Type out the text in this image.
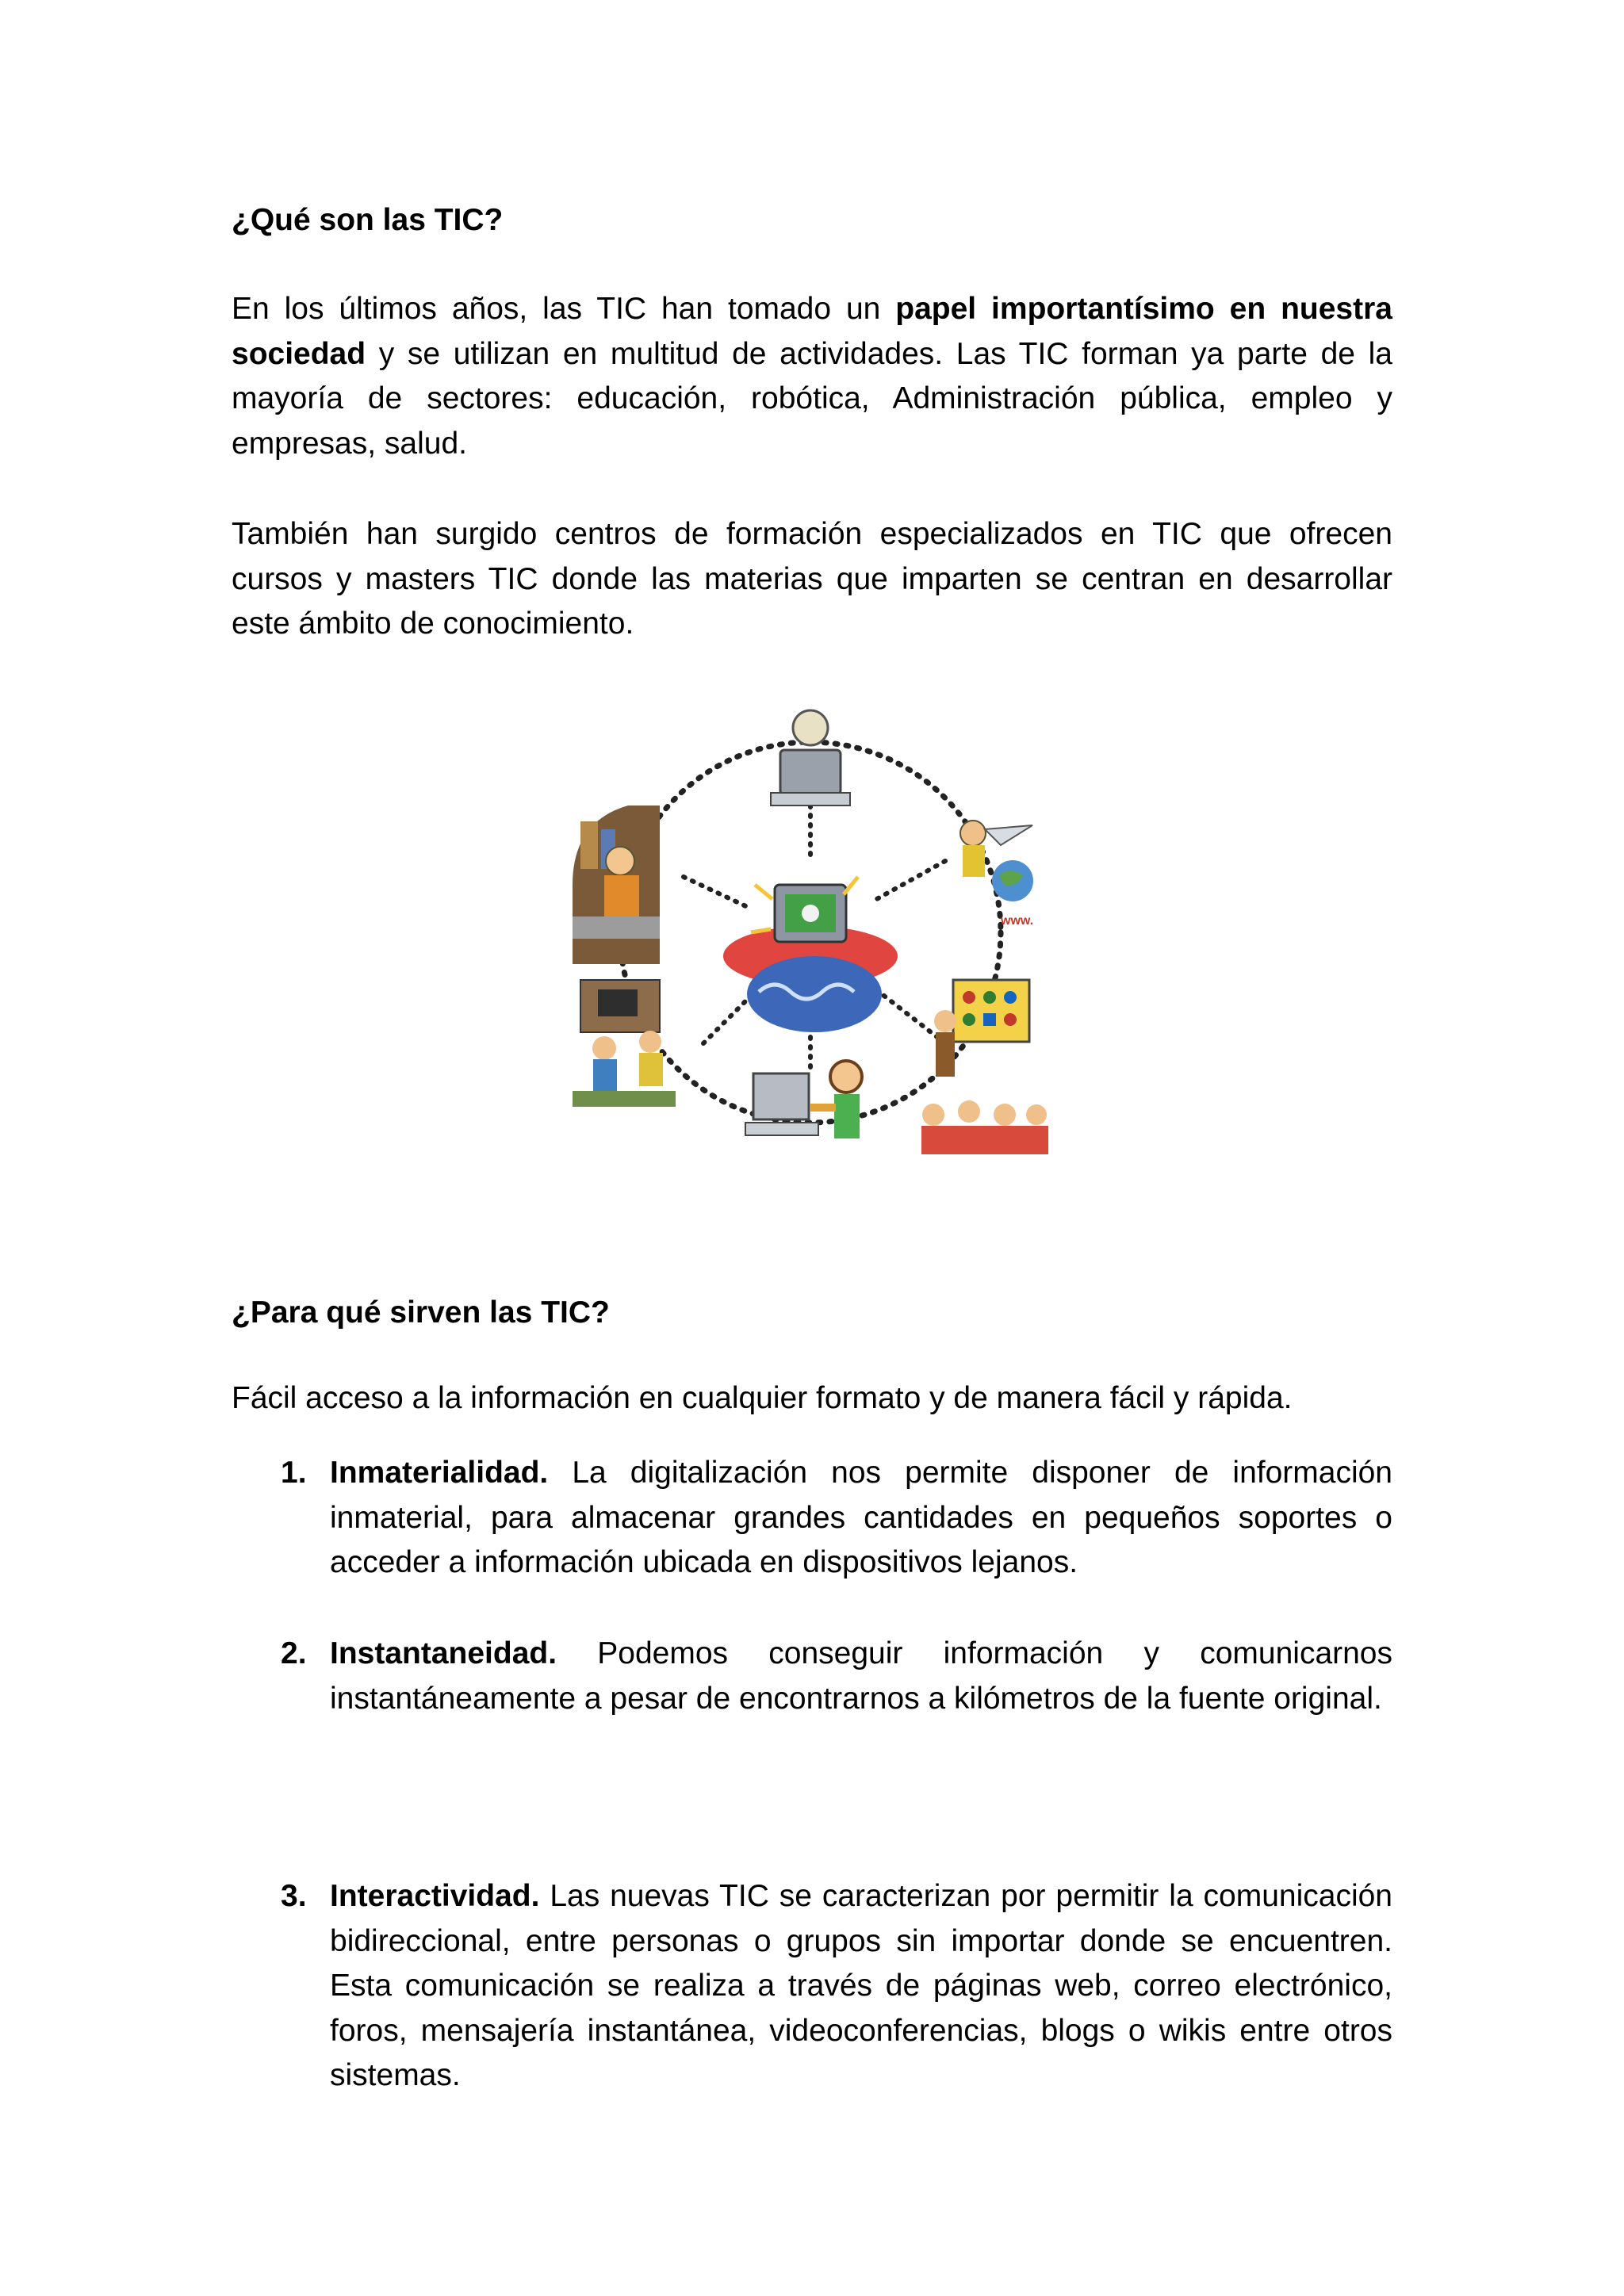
¿Qué son las TIC?
En los últimos años, las TIC han tomado un papel importantísimo en nuestra sociedad y se utilizan en multitud de actividades. Las TIC forman ya parte de la mayoría de sectores: educación, robótica, Administración pública, empleo y empresas, salud.
También han surgido centros de formación especializados en TIC que ofrecen cursos y masters TIC donde las materias que imparten se centran en desarrollar este ámbito de conocimiento.
www.
¿Para qué sirven las TIC?
Fácil acceso a la información en cualquier formato y de manera fácil y rápida.
1. Inmaterialidad. La digitalización nos permite disponer de información inmaterial, para almacenar grandes cantidades en pequeños soportes o acceder a información ubicada en dispositivos lejanos.
2. Instantaneidad. Podemos conseguir información y comunicarnos instantáneamente a pesar de encontrarnos a kilómetros de la fuente original.
3. Interactividad. Las nuevas TIC se caracterizan por permitir la comunicación bidireccional, entre personas o grupos sin importar donde se encuentren. Esta comunicación se realiza a través de páginas web, correo electrónico, foros, mensajería instantánea, videoconferencias, blogs o wikis entre otros sistemas.
